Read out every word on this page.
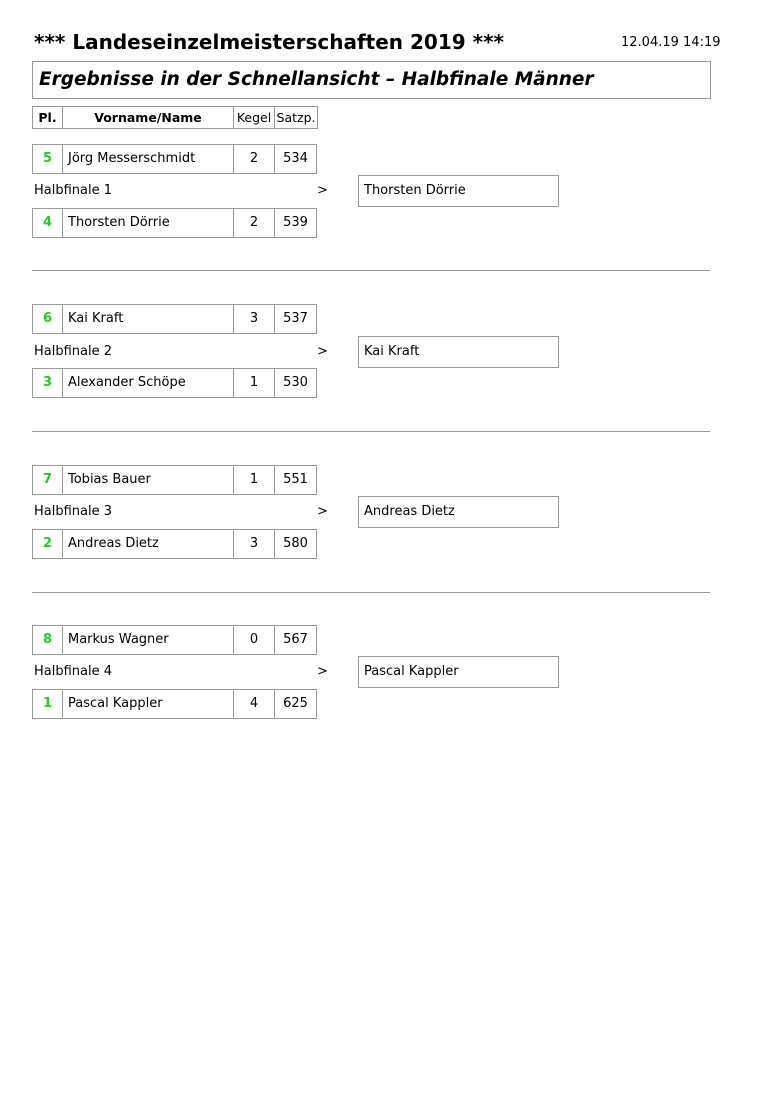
*** Landeseinzelmeisterschaften 2019 ***	12.04.19 14:19
Ergebnisse in der Schnellansicht – Halbfinale Männer
Pl.	Vorname/Name	Kegel Satzp.
5	Jörg Messerschmidt	2	534
Halbfinale 1	>	Thorsten Dörrie
4	Thorsten Dörrie	2	539
6	Kai Kraft	3	537
Halbfinale 2	>	Kai Kraft
3	Alexander Schöpe	1	530
7	Tobias Bauer	1	551
Halbfinale 3	>	Andreas Dietz
2	Andreas Dietz	3	580
8	Markus Wagner	0	567
Halbfinale 4	>	Pascal Kappler
1	Pascal Kappler	4	625
